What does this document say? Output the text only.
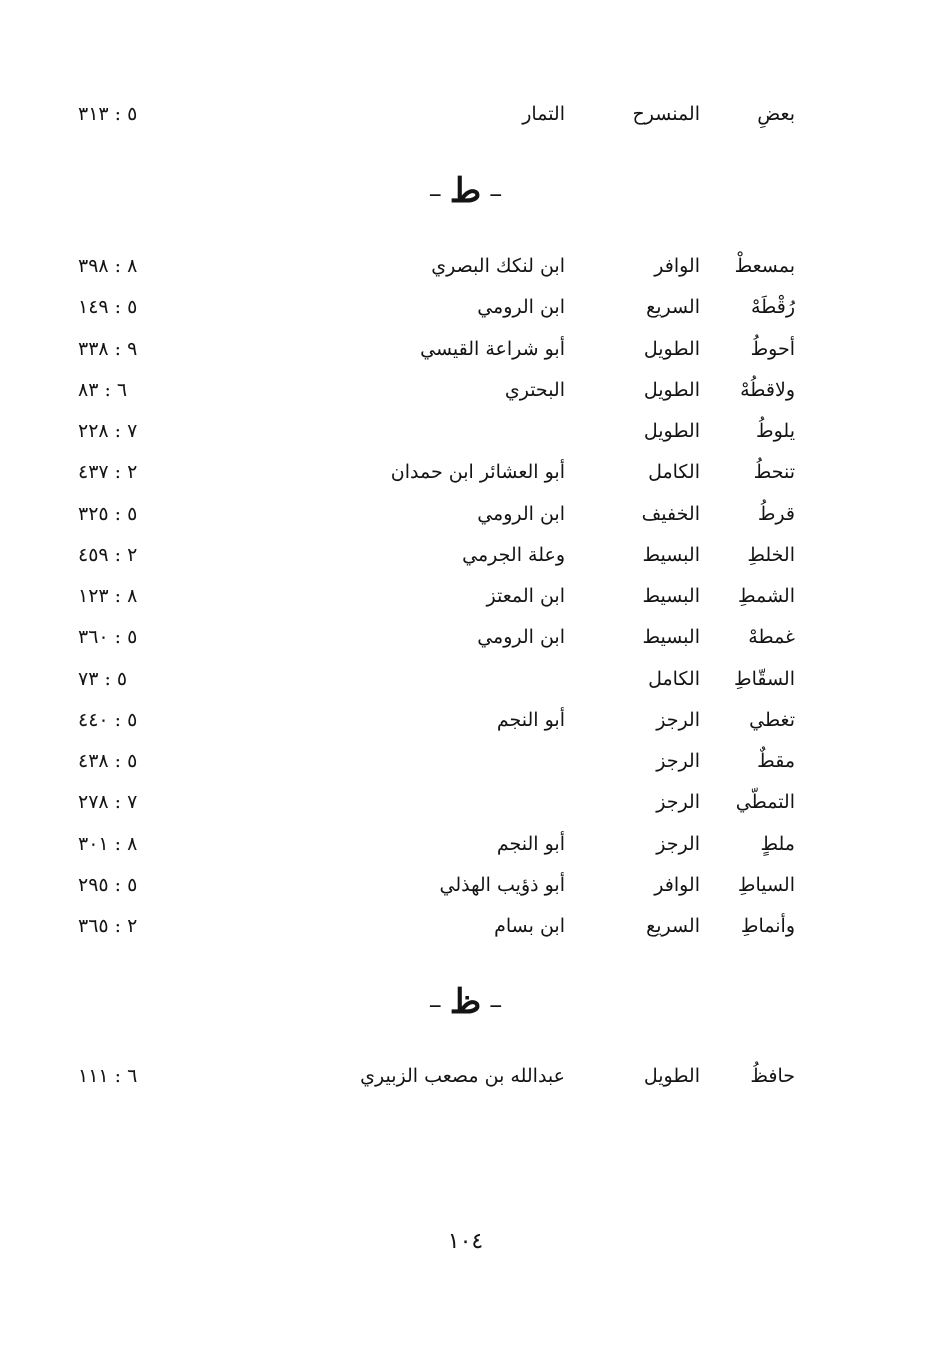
بعضِ
المنسرح
التمار
٥ : ٣١٣
–ط–
بمسعطْ
الوافر
ابن لنكك البصري
٨ : ٣٩٨
رُقْطَهْ
السريع
ابن الرومي
٥ : ١٤٩
أحوطُ
الطويل
أبو شراعة القيسي
٩ : ٣٣٨
ولاقطُهْ
الطويل
البحتري
٦ : ٨٣
يلوطُ
الطويل
٧ : ٢٢٨
تنحطُ
الكامل
أبو العشائر ابن حمدان
٢ : ٤٣٧
قرطُ
الخفيف
ابن الرومي
٥ : ٣٢٥
الخلطِ
البسيط
وعلة الجرمي
٢ : ٤٥٩
الشمطِ
البسيط
ابن المعتز
٨ : ١٢٣
غمطهْ
البسيط
ابن الرومي
٥ : ٣٦٠
السقّاطِ
الكامل
٥ : ٧٣
تغطي
الرجز
أبو النجم
٥ : ٤٤٠
مقطٌ
الرجز
٥ : ٤٣٨
التمطّي
الرجز
٧ : ٢٧٨
ملطٍ
الرجز
أبو النجم
٨ : ٣٠١
السياطِ
الوافر
أبو ذؤيب الهذلي
٥ : ٢٩٥
وأنماطِ
السريع
ابن بسام
٢ : ٣٦٥
–ظ–
حافظُ
الطويل
عبدالله بن مصعب الزبيري
٦ : ١١١
١٠٤
